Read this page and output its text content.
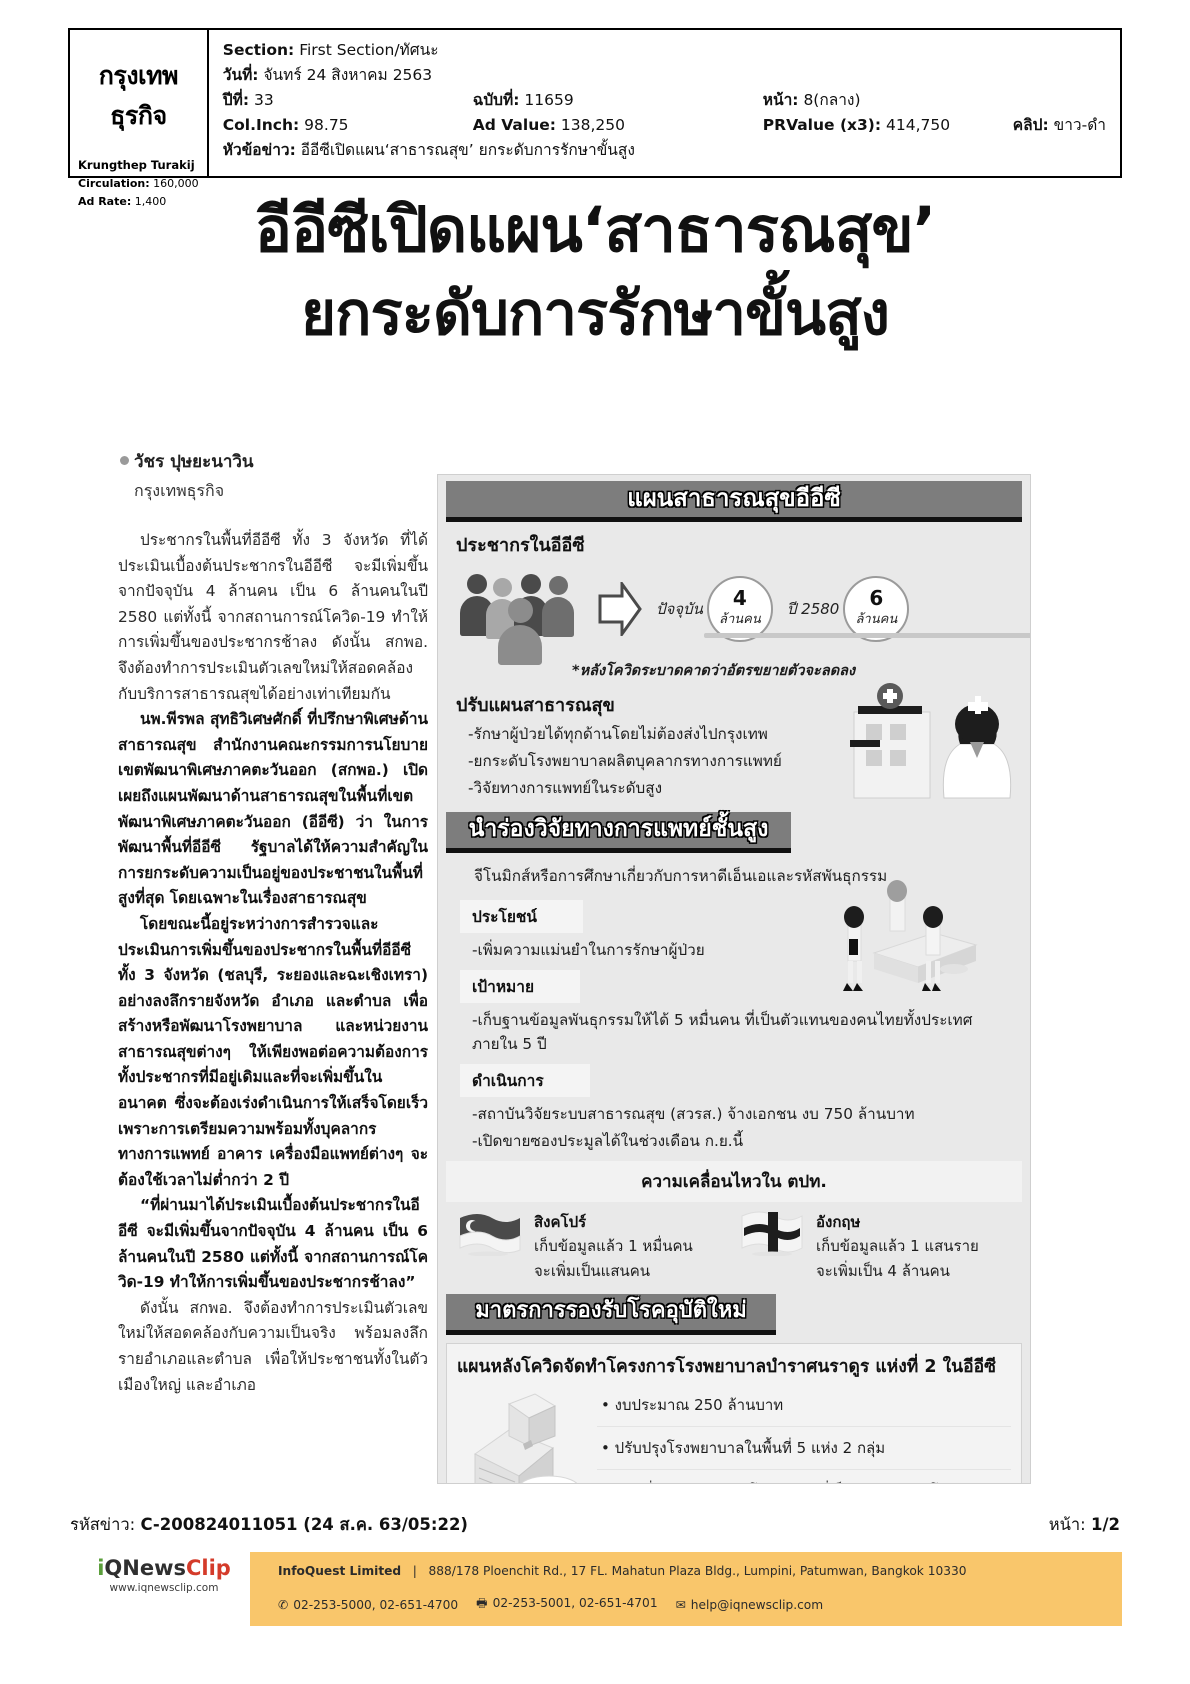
กรุงเทพธุรกิจ
Krungthep Turakij
Circulation: 160,000
Ad Rate: 1,400
Section: First Section/ทัศนะ
วันที่: จันทร์ 24 สิงหาคม 2563
ปีที่: 33	ฉบับที่: 11659	หน้า: 8(กลาง)
Col.Inch: 98.75	Ad Value: 138,250	PRValue (x3): 414,750	คลิป: ขาว-ดำ
หัวข้อข่าว: อีอีซีเปิดแผน‘สาธารณสุข’ ยกระดับการรักษาขั้นสูง
อีอีซีเปิดแผน‘สาธารณสุข’
ยกระดับการรักษาขั้นสูง
วัชร ปุษยะนาวิน
กรุงเทพธุรกิจ

ประชากรในพื้นที่อีอีซี ทั้ง 3 จังหวัด ที่ได้ประเมินเบื้องต้นประชากรในอีอีซี จะมีเพิ่มขึ้นจากปัจจุบัน 4 ล้านคน เป็น 6 ล้านคนในปี 2580 แต่ทั้งนี้ จากสถานการณ์โควิด-19 ทำให้การเพิ่มขึ้นของประชากรช้าลง ดังนั้น สกพอ. จึงต้องทำการประเมินตัวเลขใหม่ให้สอดคล้องกับบริการสาธารณสุขได้อย่างเท่าเทียมกัน

นพ.พีรพล สุทธิวิเศษศักดิ์ ที่ปรึกษาพิเศษด้านสาธารณสุข สำนักงานคณะกรรมการนโยบายเขตพัฒนาพิเศษภาคตะวันออก (สกพอ.) เปิดเผยถึงแผนพัฒนาด้านสาธารณสุขในพื้นที่เขตพัฒนาพิเศษภาคตะวันออก (อีอีซี) ว่า ในการพัฒนาพื้นที่อีอีซี รัฐบาลได้ให้ความสำคัญในการยกระดับความเป็นอยู่ของประชาชนในพื้นที่สูงที่สุด โดยเฉพาะในเรื่องสาธารณสุข

โดยขณะนี้อยู่ระหว่างการสำรวจและประเมินการเพิ่มขึ้นของประชากรในพื้นที่อีอีซี ทั้ง 3 จังหวัด (ชลบุรี, ระยองและฉะเชิงเทรา) อย่างลงลึกรายจังหวัด อำเภอ และตำบล เพื่อสร้างหรือพัฒนาโรงพยาบาล และหน่วยงานสาธารณสุขต่างๆ ให้เพียงพอต่อความต้องการ ทั้งประชากรที่มีอยู่เดิมและที่จะเพิ่มขึ้นในอนาคต ซึ่งจะต้องเร่งดำเนินการให้เสร็จโดยเร็ว เพราะการเตรียมความพร้อมทั้งบุคลากรทางการแพทย์ อาคาร เครื่องมือแพทย์ต่างๆ จะต้องใช้เวลาไม่ต่ำกว่า 2 ปี

“ที่ผ่านมาได้ประเมินเบื้องต้นประชากรในอีอีซี จะมีเพิ่มขึ้นจากปัจจุบัน 4 ล้านคน เป็น 6 ล้านคนในปี 2580 แต่ทั้งนี้ จากสถานการณ์โควิด-19 ทำให้การเพิ่มขึ้นของประชากรช้าลง”

ดังนั้น สกพอ. จึงต้องทำการประเมินตัวเลขใหม่ให้สอดคล้องกับความเป็นจริง พร้อมลงลึกรายอำเภอและตำบล เพื่อให้ประชาชนทั้งในตัวเมืองใหญ่ และอำเภอ

แผนสาธารณสุขอีอีซี
ประชากรในอีอีซี
ปัจจุบัน 4
ล้านคน
ปี 2580 6
ล้านคน
*หลังโควิดระบาดคาดว่าอัตรขยายตัวจะลดลง
ปรับแผนสาธารณสุข
-รักษาผู้ป่วยได้ทุกด้านโดยไม่ต้องส่งไปกรุงเทพ
-ยกระดับโรงพยาบาลผลิตบุคลากรทางการแพทย์
-วิจัยทางการแพทย์ในระดับสูง
นำร่องวิจัยทางการแพทย์ชั้นสูง
จีโนมิกส์หรือการศึกษาเกี่ยวกับการหาดีเอ็นเอและรหัสพันธุกรรม
ประโยชน์
-เพิ่มความแม่นยำในการรักษาผู้ป่วย
เป้าหมาย
-เก็บฐานข้อมูลพันธุกรรมให้ได้ 5 หมื่นคน ที่เป็นตัวแทนของคนไทยทั้งประเทศ ภายใน 5 ปี
ดำเนินการ
-สถาบันวิจัยระบบสาธารณสุข (สวรส.) จ้างเอกชน งบ 750 ล้านบาท
-เปิดขายซองประมูลได้ในช่วงเดือน ก.ย.นี้
ความเคลื่อนไหวใน ตปท.
สิงคโปร์
เก็บข้อมูลแล้ว 1 หมื่นคน
จะเพิ่มเป็นแสนคน
อังกฤษ
เก็บข้อมูลแล้ว 1 แสนราย
จะเพิ่มเป็น 4 ล้านคน
มาตรการรองรับโรคอุบัติใหม่
แผนหลังโควิดจัดทำโครงการโรงพยาบาลบำราศนราดูร แห่งที่ 2 ในอีอีซี
• งบประมาณ 250 ล้านบาท
• ปรับปรุงโรงพยาบาลในพื้นที่ 5 แห่ง 2 กลุ่ม
รหัสข่าว: C-200824011051 (24 ส.ค. 63/05:22)	หน้า: 1/2
InfoQuest Limited   |   888/178 Ploenchit Rd., 17 FL. Mahatun Plaza Bldg., Lumpini, Patumwan, Bangkok 10330
✆ 02-253-5000, 02-651-4700 🖶 02-253-5001, 02-651-4701 ✉ help@iqnewsclip.com
iQNewsClip
www.iqnewsclip.com
